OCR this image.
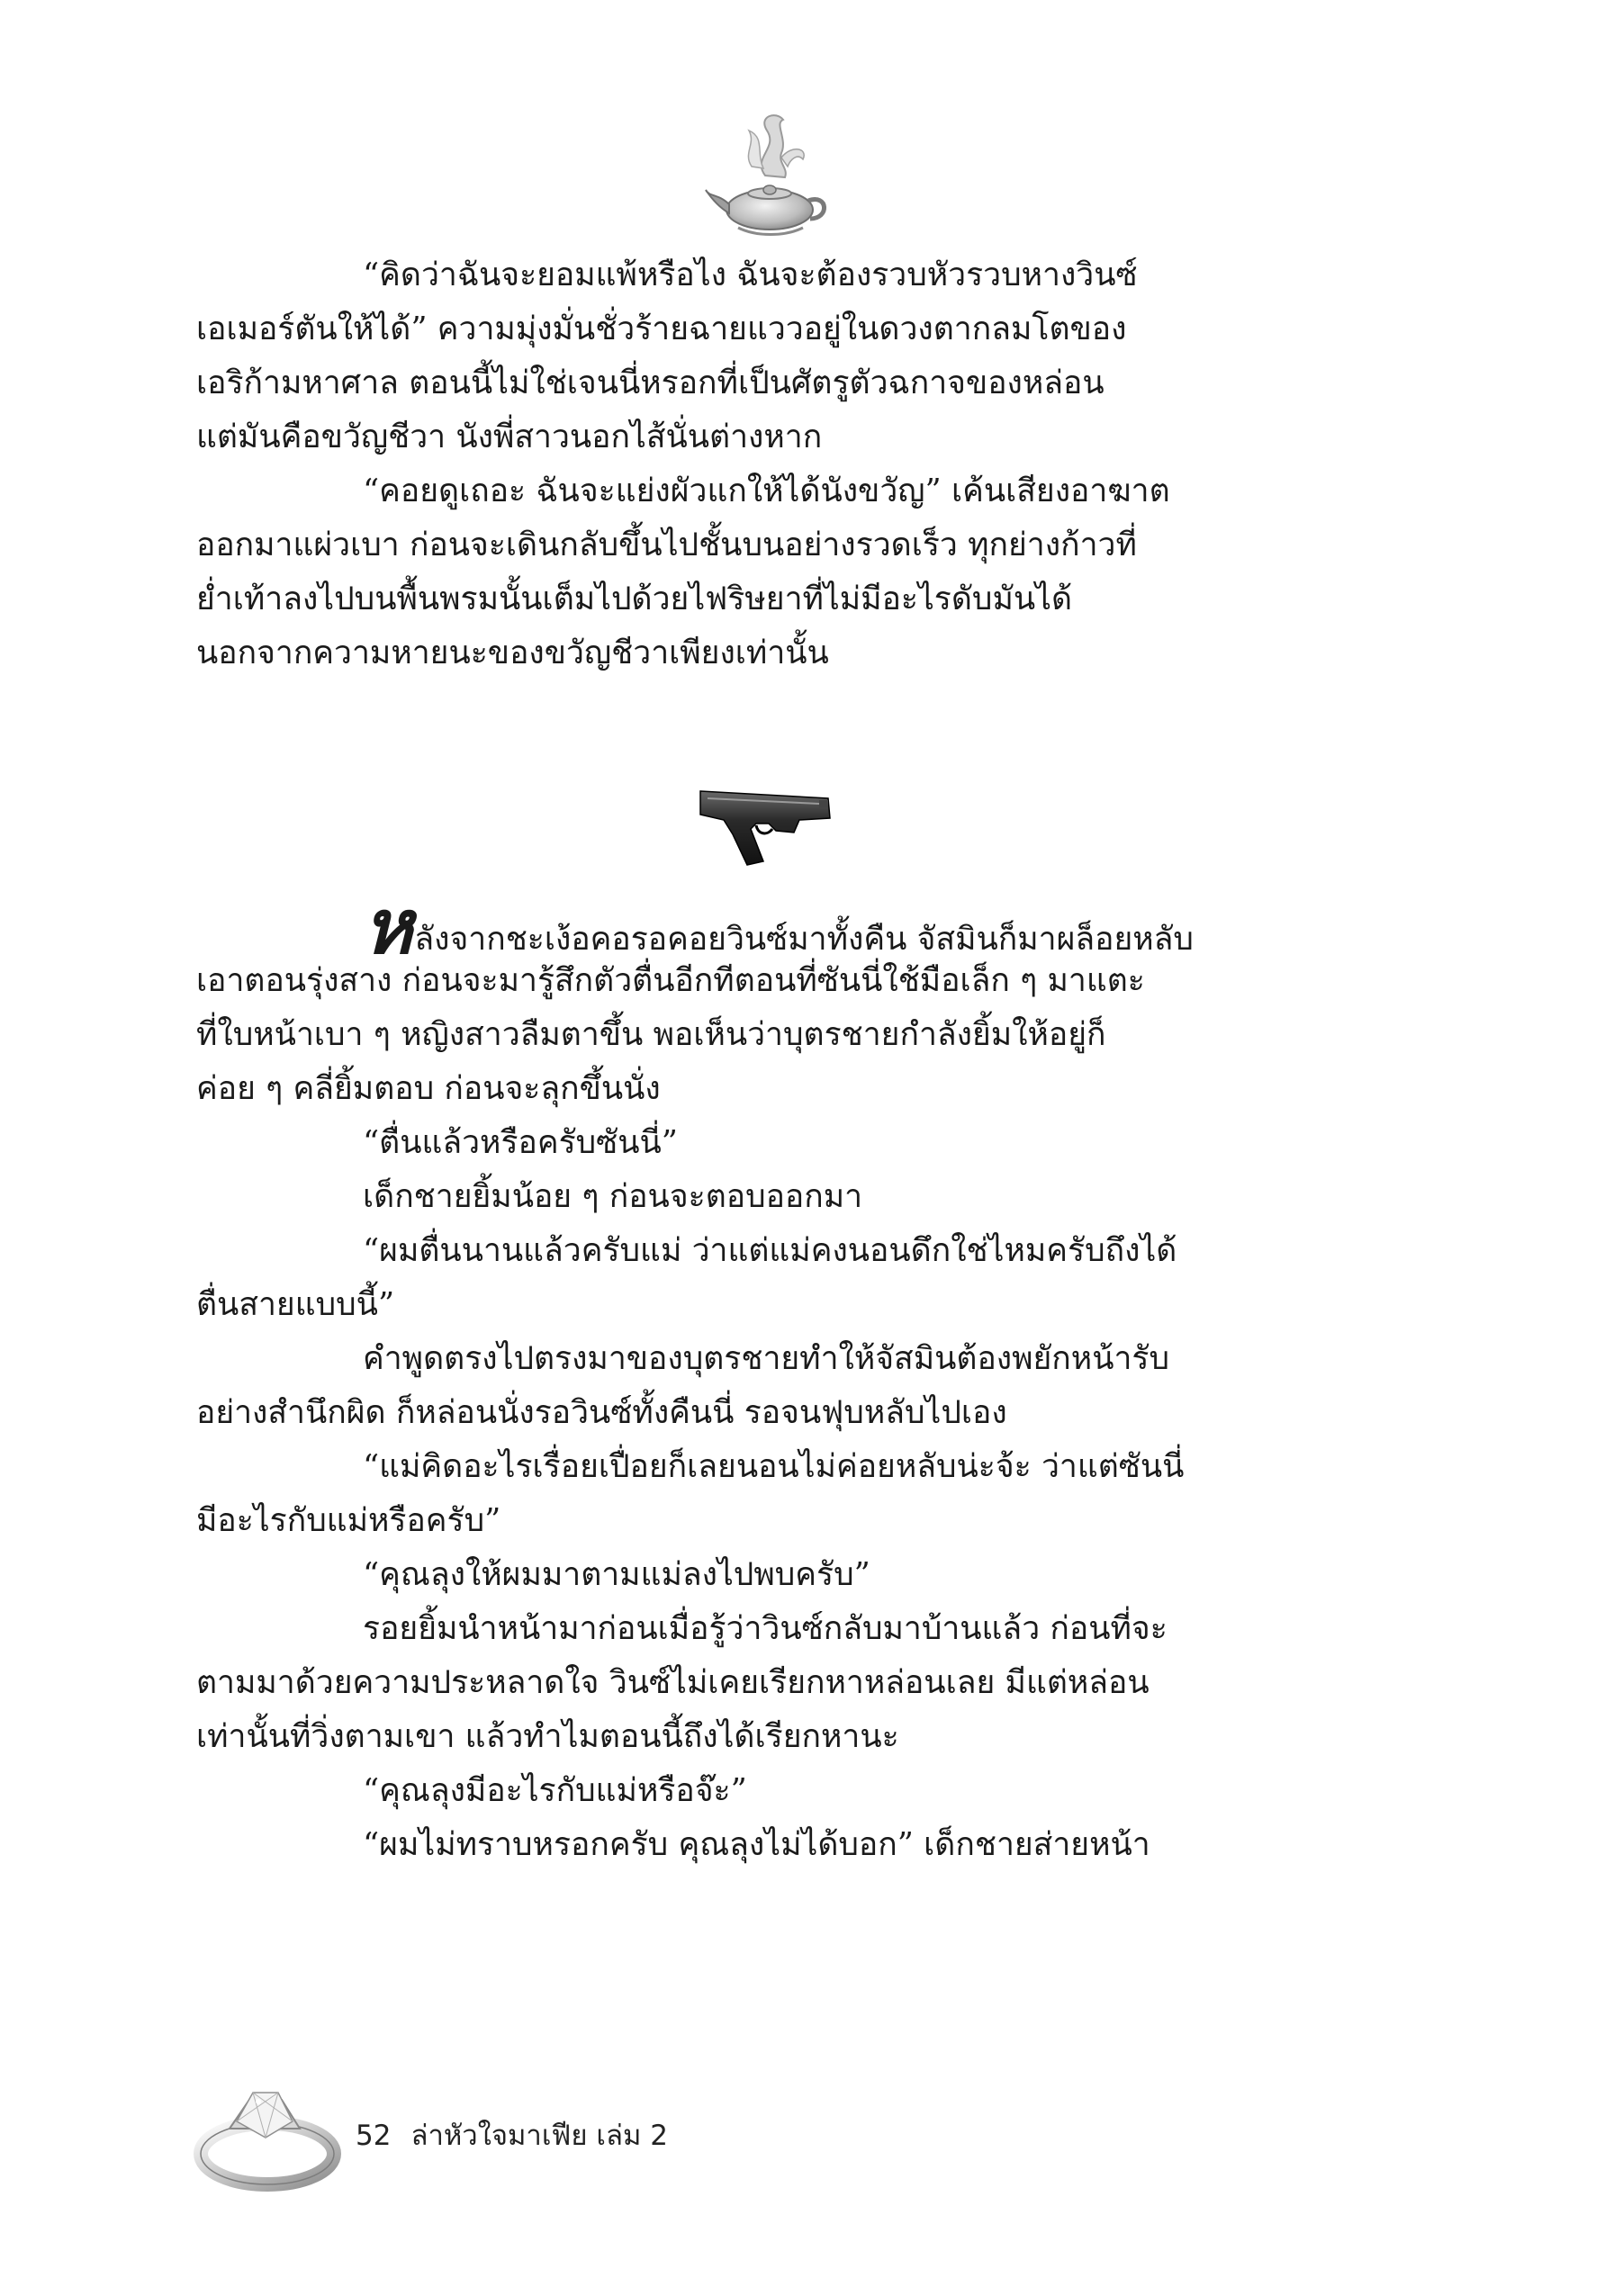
“คิดว่าฉันจะยอมแพ้หรือไง ฉันจะต้องรวบหัวรวบหางวินซ์
เอเมอร์ตันให้ได้” ความมุ่งมั่นชั่วร้ายฉายแววอยู่ในดวงตากลมโตของ
เอริก้ามหาศาล ตอนนี้ไม่ใช่เจนนี่หรอกที่เป็นศัตรูตัวฉกาจของหล่อน
แต่มันคือขวัญชีวา นังพี่สาวนอกไส้นั่นต่างหาก
“คอยดูเถอะ ฉันจะแย่งผัวแกให้ได้นังขวัญ” เค้นเสียงอาฆาต
ออกมาแผ่วเบา ก่อนจะเดินกลับขึ้นไปชั้นบนอย่างรวดเร็ว ทุกย่างก้าวที่
ย่ำเท้าลงไปบนพื้นพรมนั้นเต็มไปด้วยไฟริษยาที่ไม่มีอะไรดับมันได้
นอกจากความหายนะของขวัญชีวาเพียงเท่านั้น
หลังจากชะเง้อคอรอคอยวินซ์มาทั้งคืน จัสมินก็มาผล็อยหลับ
เอาตอนรุ่งสาง ก่อนจะมารู้สึกตัวตื่นอีกทีตอนที่ซันนี่ใช้มือเล็ก ๆ มาแตะ
ที่ใบหน้าเบา ๆ หญิงสาวลืมตาขึ้น พอเห็นว่าบุตรชายกำลังยิ้มให้อยู่ก็
ค่อย ๆ คลี่ยิ้มตอบ ก่อนจะลุกขึ้นนั่ง
“ตื่นแล้วหรือครับซันนี่”
เด็กชายยิ้มน้อย ๆ ก่อนจะตอบออกมา
“ผมตื่นนานแล้วครับแม่ ว่าแต่แม่คงนอนดึกใช่ไหมครับถึงได้
ตื่นสายแบบนี้”
คำพูดตรงไปตรงมาของบุตรชายทำให้จัสมินต้องพยักหน้ารับ
อย่างสำนึกผิด ก็หล่อนนั่งรอวินซ์ทั้งคืนนี่ รอจนฟุบหลับไปเอง
“แม่คิดอะไรเรื่อยเปื่อยก็เลยนอนไม่ค่อยหลับน่ะจ้ะ ว่าแต่ซันนี่
มีอะไรกับแม่หรือครับ”
“คุณลุงให้ผมมาตามแม่ลงไปพบครับ”
รอยยิ้มนำหน้ามาก่อนเมื่อรู้ว่าวินซ์กลับมาบ้านแล้ว ก่อนที่จะ
ตามมาด้วยความประหลาดใจ วินซ์ไม่เคยเรียกหาหล่อนเลย มีแต่หล่อน
เท่านั้นที่วิ่งตามเขา แล้วทำไมตอนนี้ถึงได้เรียกหานะ
“คุณลุงมีอะไรกับแม่หรือจ๊ะ”
“ผมไม่ทราบหรอกครับ คุณลุงไม่ได้บอก” เด็กชายส่ายหน้า
52 ล่าหัวใจมาเฟีย เล่ม 2
